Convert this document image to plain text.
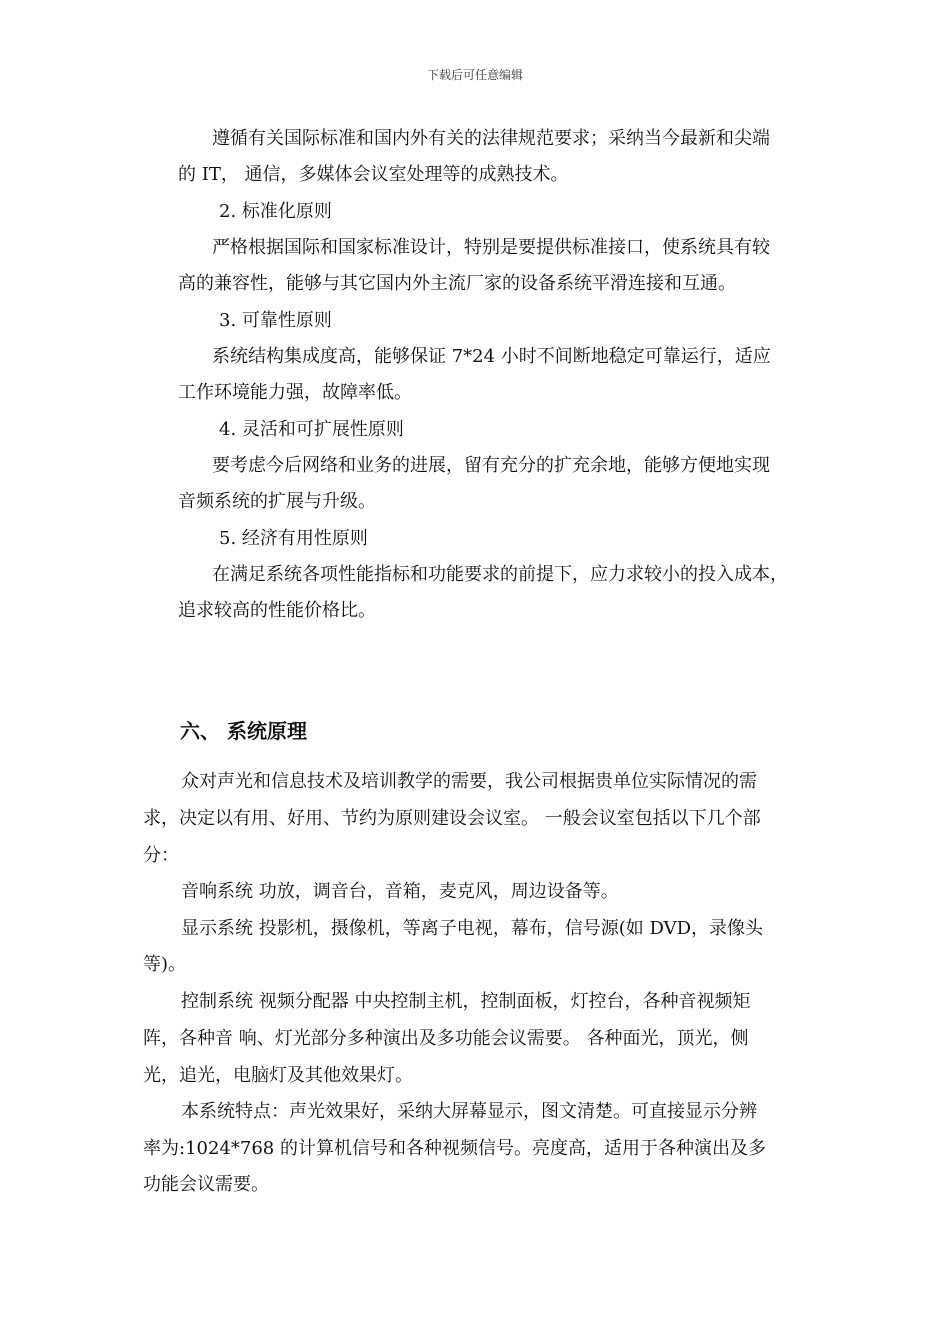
下载后可任意编辑
遵循有关国际标准和国内外有关的法律规范要求；采纳当今最新和尖端
的 IT， 通信，多媒体会议室处理等的成熟技术。
2. 标准化原则
严格根据国际和国家标准设计，特别是要提供标准接口，使系统具有较
高的兼容性，能够与其它国内外主流厂家的设备系统平滑连接和互通。
3. 可靠性原则
系统结构集成度高，能够保证 7*24 小时不间断地稳定可靠运行，适应
工作环境能力强，故障率低。
4. 灵活和可扩展性原则
要考虑今后网络和业务的进展，留有充分的扩充余地，能够方便地实现
音频系统的扩展与升级。
5. 经济有用性原则
在满足系统各项性能指标和功能要求的前提下，应力求较小的投入成本，
追求较高的性能价格比。
六、 系统原理
众对声光和信息技术及培训教学的需要，我公司根据贵单位实际情况的需
求，决定以有用、好用、节约为原则建设会议室。 一般会议室包括以下几个部
分：
音响系统 功放，调音台，音箱，麦克风，周边设备等。
显示系统 投影机，摄像机，等离子电视，幕布，信号源(如 DVD，录像头
等)。
控制系统 视频分配器 中央控制主机，控制面板，灯控台，各种音视频矩
阵，各种音 响、灯光部分多种演出及多功能会议需要。 各种面光，顶光，侧
光，追光，电脑灯及其他效果灯。
本系统特点：声光效果好，采纳大屏幕显示，图文清楚。可直接显示分辨
率为:1024*768 的计算机信号和各种视频信号。亮度高，适用于各种演出及多
功能会议需要。
